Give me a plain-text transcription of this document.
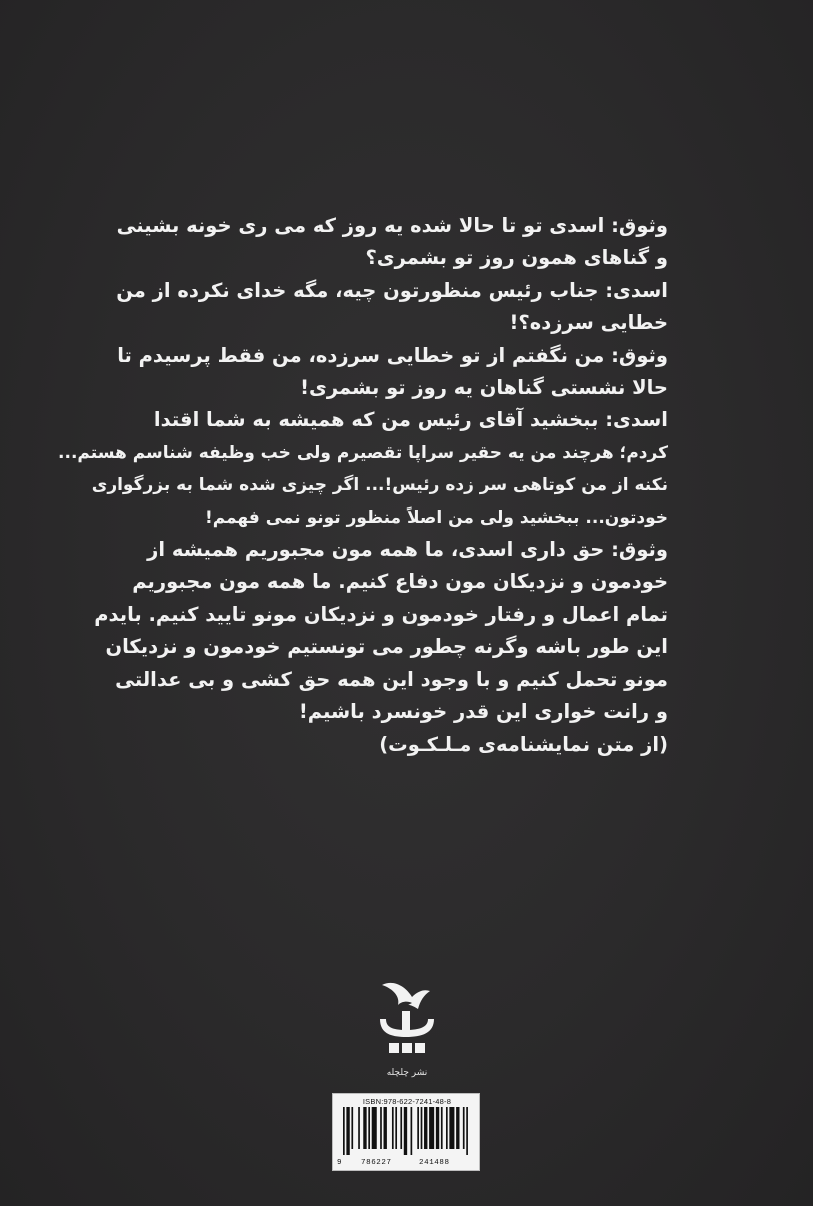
وثوق: اسدی تو تا حالا شده یه روز که می ری خونه بشینی
و گناهای همون روز تو بشمری؟
اسدی: جناب رئیس منظورتون چیه، مگه خدای نکرده از من
خطایی سرزده؟!
وثوق: من نگفتم از تو خطایی سرزده، من فقط پرسیدم تا
حالا نشستی گناهان یه روز تو بشمری!
اسدی: ببخشید آقای رئیس من که همیشه به شما اقتدا
کردم؛ هرچند من یه حقیر سراپا تقصیرم ولی خب وظیفه شناسم هستم...
نکنه از من کوتاهی سر زده رئیس!... اگر چیزی شده شما به بزرگواری
خودتون... ببخشید ولی من اصلاً منظور تونو نمی فهمم!
وثوق: حق داری اسدی، ما همه مون مجبوریم همیشه از
خودمون و نزدیکان مون دفاع کنیم. ما همه مون مجبوریم
تمام اعمال و رفتار خودمون و نزدیکان مونو تایید کنیم. بایدم
این طور باشه وگرنه چطور می تونستیم خودمون و نزدیکان
مونو تحمل کنیم و با وجود این همه حق کشی و بی عدالتی
و رانت خواری این قدر خونسرد باشیم!
(از متن نمایشنامه‌ی مـلـکـوت)
نشر چلچله
ISBN:978-622-7241-48-8
9	786227	241488
